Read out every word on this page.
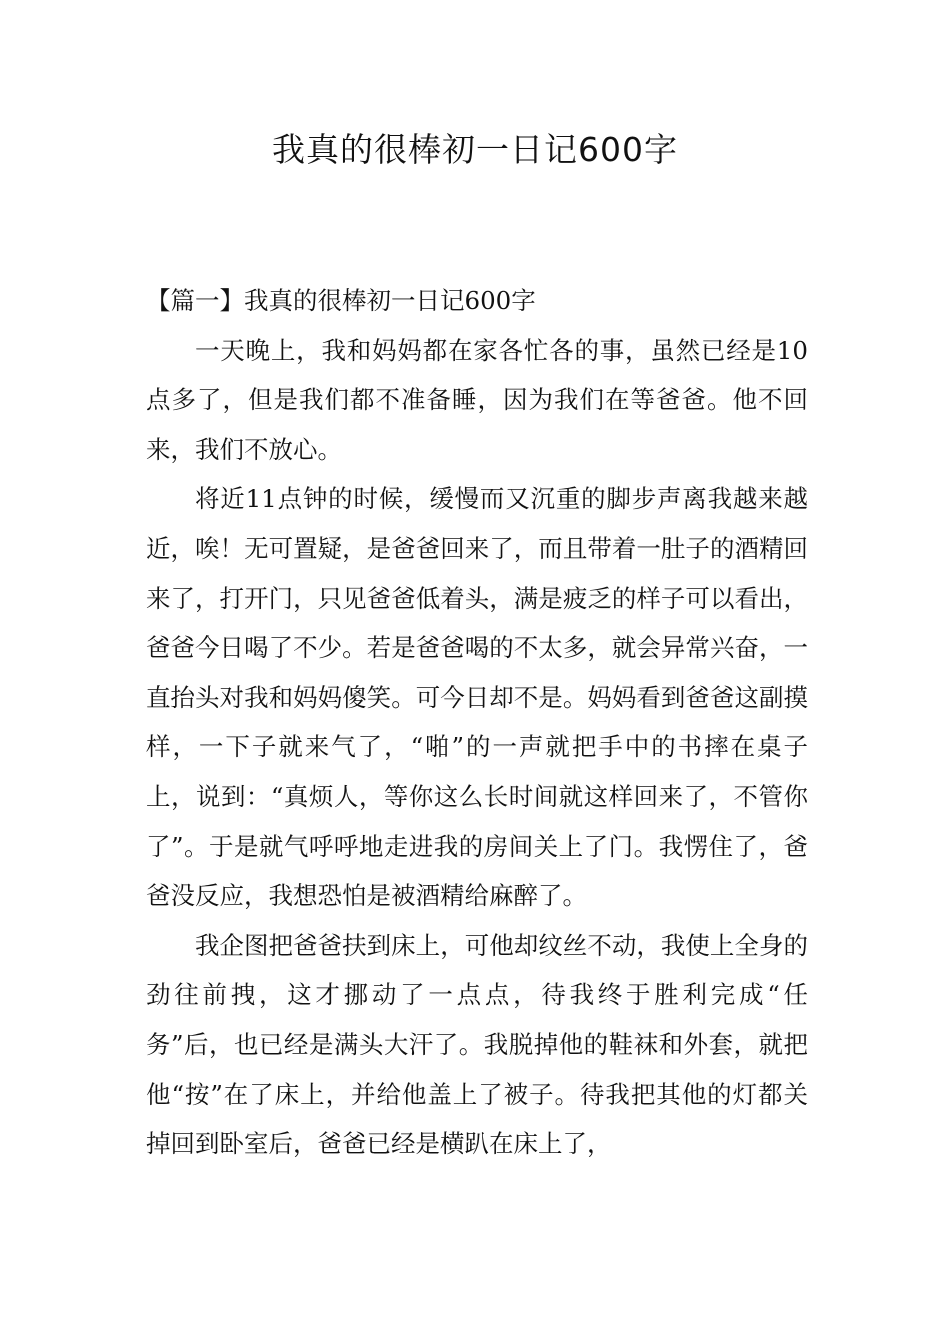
我真的很棒初一日记600字

【篇一】我真的很棒初一日记600字

一天晚上，我和妈妈都在家各忙各的事，虽然已经是10点多了，但是我们都不准备睡，因为我们在等爸爸。他不回来，我们不放心。

将近11点钟的时候，缓慢而又沉重的脚步声离我越来越近，唉！无可置疑，是爸爸回来了，而且带着一肚子的酒精回来了，打开门，只见爸爸低着头，满是疲乏的样子可以看出，爸爸今日喝了不少。若是爸爸喝的不太多，就会异常兴奋，一直抬头对我和妈妈傻笑。可今日却不是。妈妈看到爸爸这副摸样，一下子就来气了，“啪”的一声就把手中的书摔在桌子上，说到：“真烦人，等你这么长时间就这样回来了，不管你了”。于是就气呼呼地走进我的房间关上了门。我愣住了，爸爸没反应，我想恐怕是被酒精给麻醉了。

我企图把爸爸扶到床上，可他却纹丝不动，我使上全身的劲往前拽，这才挪动了一点点，待我终于胜利完成“任务”后，也已经是满头大汗了。我脱掉他的鞋袜和外套，就把他“按”在了床上，并给他盖上了被子。待我把其他的灯都关掉回到卧室后，爸爸已经是横趴在床上了，
